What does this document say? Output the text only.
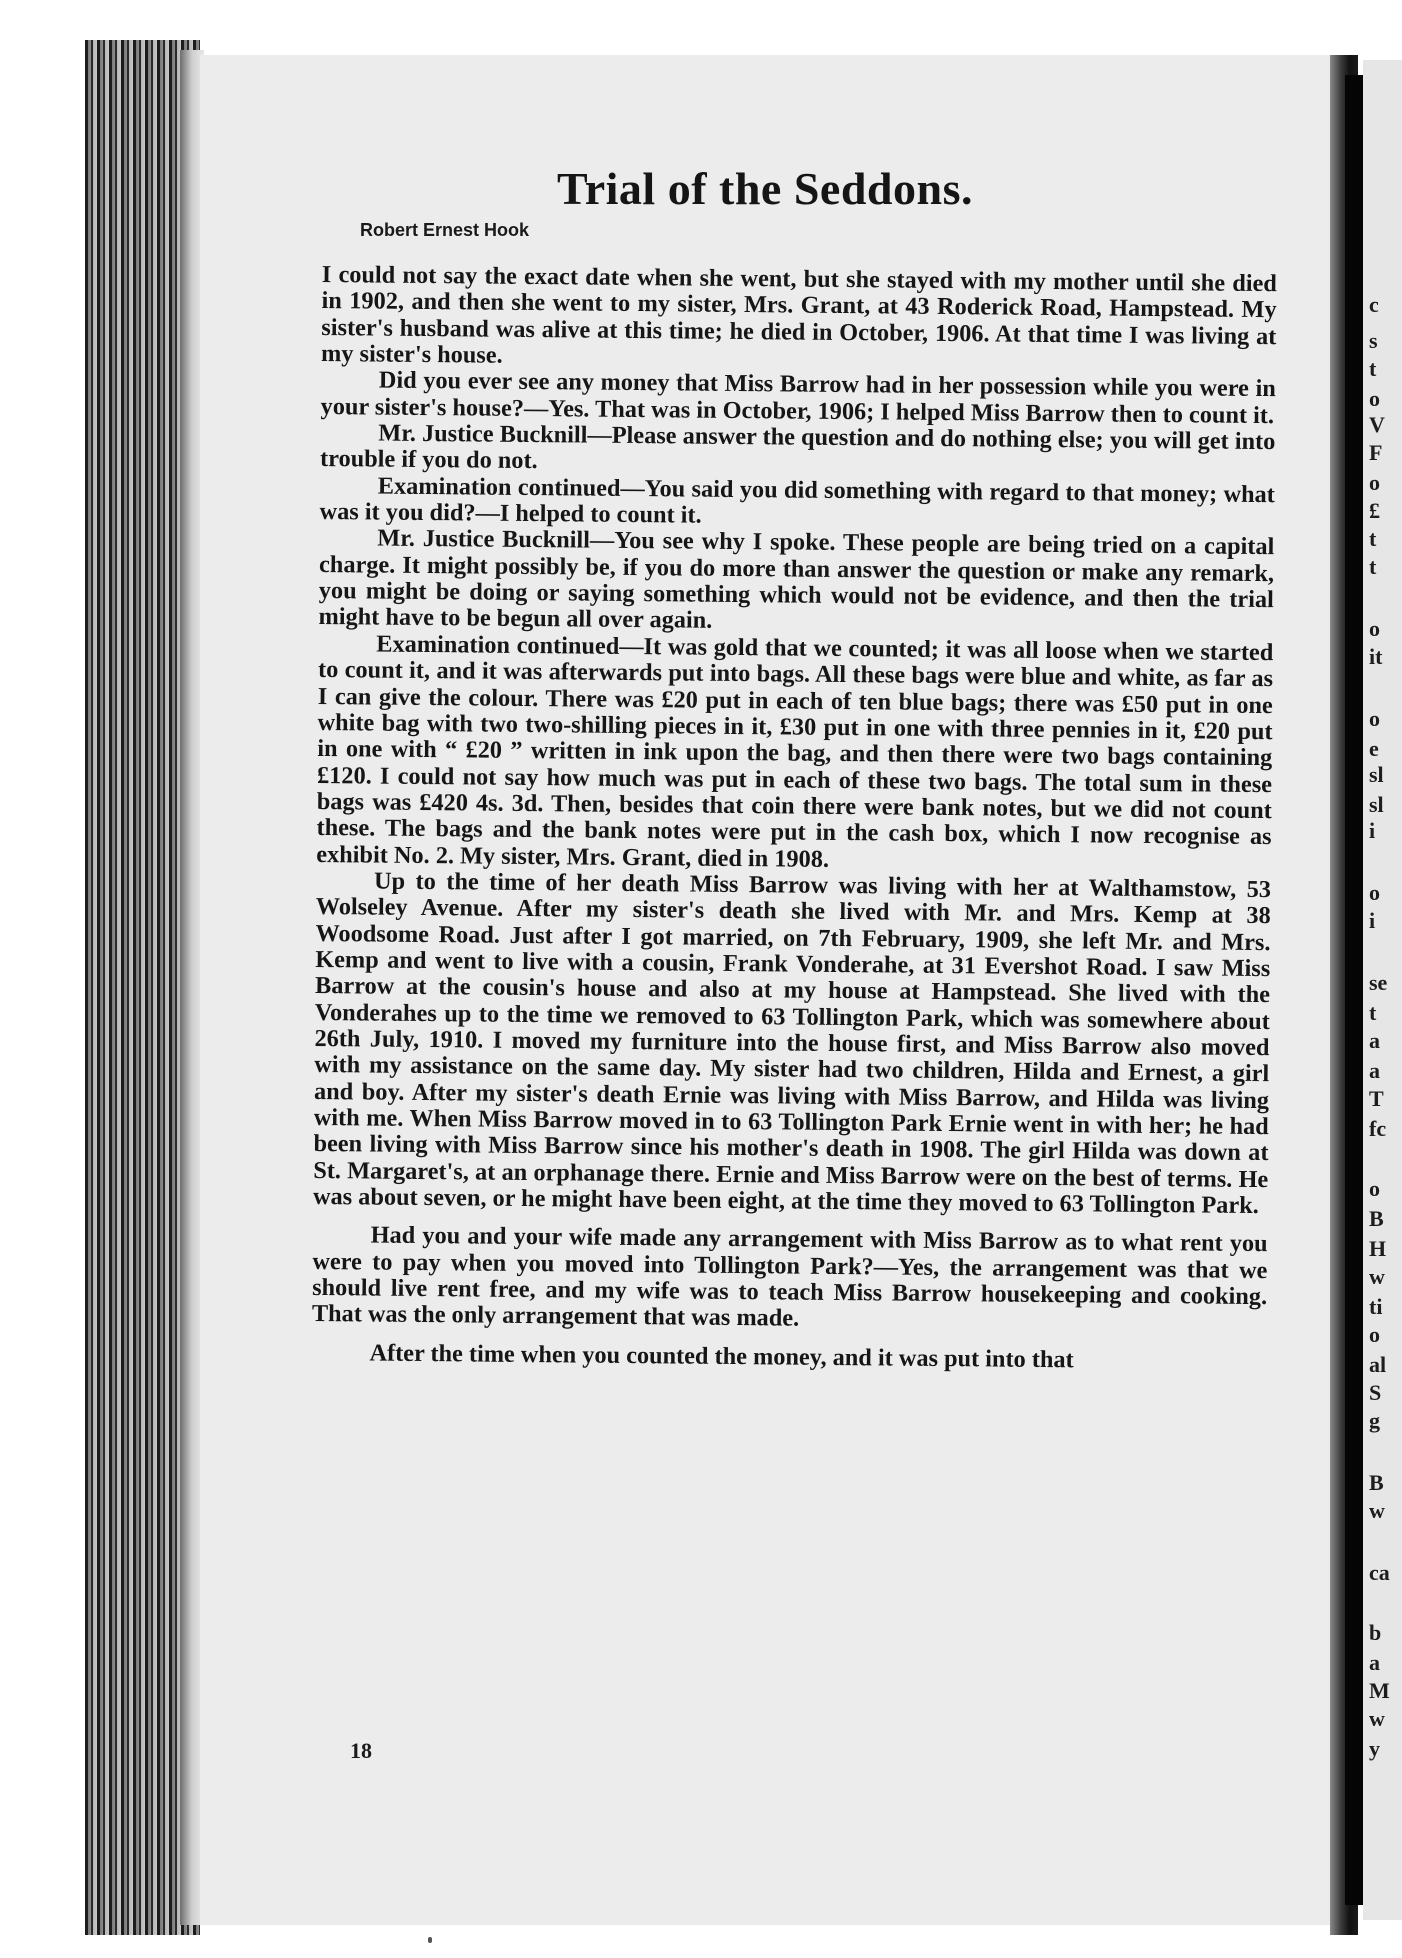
c
s
t
o
V
F
o
£
t
t
o
it
o
e
sl
sl
i
o
i
se
t
a
a
T
fc
o
B
H
w
ti
o
al
S
g
B
w
ca
b
a
M
w
y
Trial of the Seddons.
Robert Ernest Hook

I could not say the exact date when she went, but she stayed with my mother until she died in 1902, and then she went to my sister, Mrs. Grant, at 43 Roderick Road, Hampstead. My sister's husband was alive at this time; he died in October, 1906. At that time I was living at my sister's house.

Did you ever see any money that Miss Barrow had in her possession while you were in your sister's house?—Yes. That was in October, 1906; I helped Miss Barrow then to count it.

Mr. Justice Bucknill—Please answer the question and do nothing else; you will get into trouble if you do not.

Examination continued—You said you did something with regard to that money; what was it you did?—I helped to count it.

Mr. Justice Bucknill—You see why I spoke. These people are being tried on a capital charge. It might possibly be, if you do more than answer the question or make any remark, you might be doing or saying something which would not be evidence, and then the trial might have to be begun all over again.

Examination continued—It was gold that we counted; it was all loose when we started to count it, and it was afterwards put into bags. All these bags were blue and white, as far as I can give the colour. There was £20 put in each of ten blue bags; there was £50 put in one white bag with two two-shilling pieces in it, £30 put in one with three pennies in it, £20 put in one with “ £20 ” written in ink upon the bag, and then there were two bags containing £120. I could not say how much was put in each of these two bags. The total sum in these bags was £420 4s. 3d. Then, besides that coin there were bank notes, but we did not count these. The bags and the bank notes were put in the cash box, which I now recognise as exhibit No. 2. My sister, Mrs. Grant, died in 1908.

Up to the time of her death Miss Barrow was living with her at Walthamstow, 53 Wolseley Avenue. After my sister's death she lived with Mr. and Mrs. Kemp at 38 Woodsome Road. Just after I got married, on 7th February, 1909, she left Mr. and Mrs. Kemp and went to live with a cousin, Frank Vonderahe, at 31 Evershot Road. I saw Miss Barrow at the cousin's house and also at my house at Hampstead. She lived with the Vonderahes up to the time we removed to 63 Tollington Park, which was somewhere about 26th July, 1910. I moved my furniture into the house first, and Miss Barrow also moved with my assistance on the same day. My sister had two children, Hilda and Ernest, a girl and boy. After my sister's death Ernie was living with Miss Barrow, and Hilda was living with me. When Miss Barrow moved in to 63 Tollington Park Ernie went in with her; he had been living with Miss Barrow since his mother's death in 1908. The girl Hilda was down at St. Margaret's, at an orphanage there. Ernie and Miss Barrow were on the best of terms. He was about seven, or he might have been eight, at the time they moved to 63 Tollington Park.

Had you and your wife made any arrangement with Miss Barrow as to what rent you were to pay when you moved into Tollington Park?—Yes, the arrangement was that we should live rent free, and my wife was to teach Miss Barrow housekeeping and cooking. That was the only arrangement that was made.

After the time when you counted the money, and it was put into that

18
